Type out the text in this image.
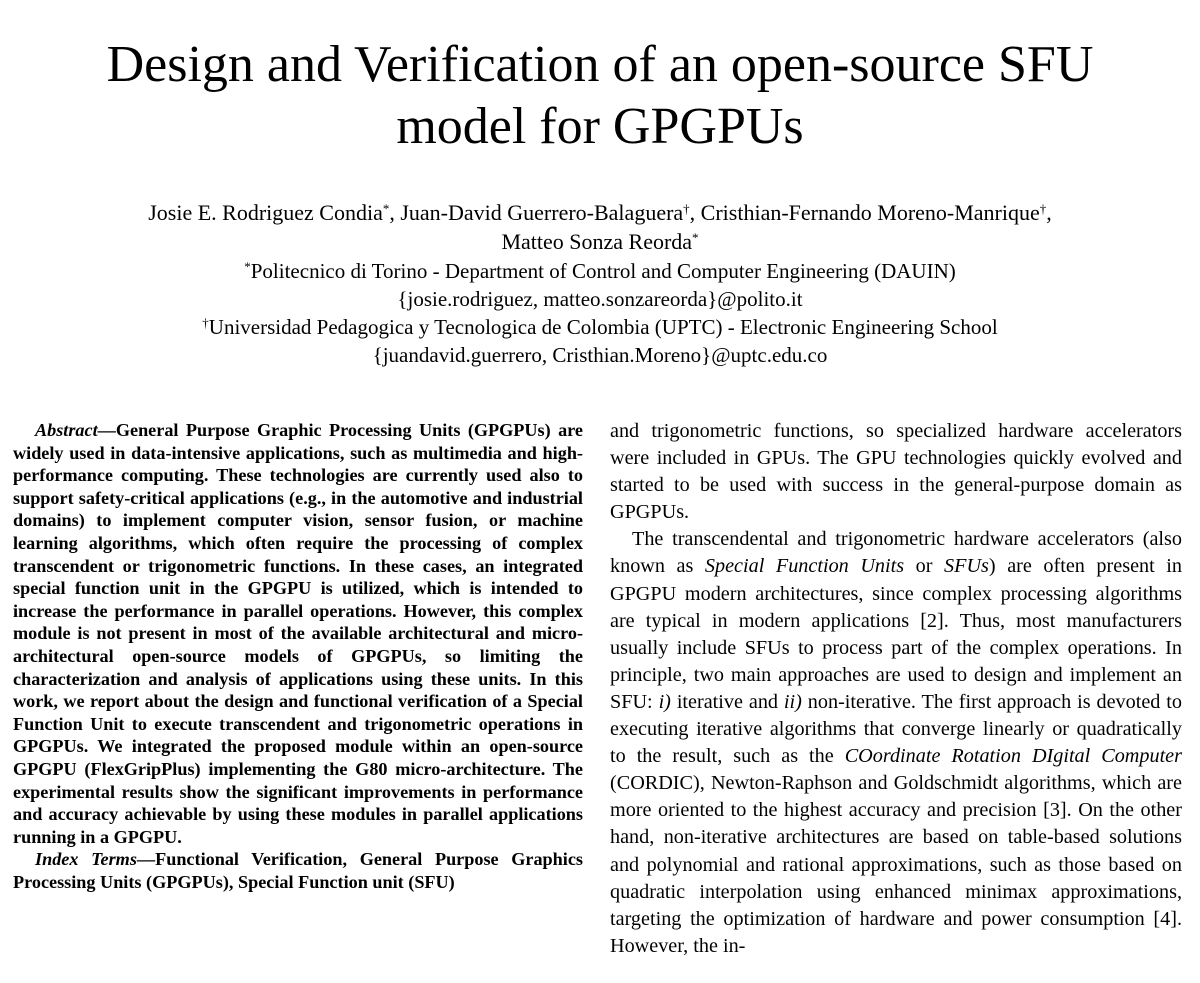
Design and Verification of an open-source SFU
model for GPGPUs
Josie E. Rodriguez Condia*, Juan-David Guerrero-Balaguera†, Cristhian-Fernando Moreno-Manrique†,
Matteo Sonza Reorda*
*Politecnico di Torino - Department of Control and Computer Engineering (DAUIN)
{josie.rodriguez, matteo.sonzareorda}@polito.it
†Universidad Pedagogica y Tecnologica de Colombia (UPTC) - Electronic Engineering School
{juandavid.guerrero, Cristhian.Moreno}@uptc.edu.co

Abstract—General Purpose Graphic Processing Units (GPGPUs) are widely used in data-intensive applications, such as multimedia and high-performance computing. These technologies are currently used also to support safety-critical applications (e.g., in the automotive and industrial domains) to implement computer vision, sensor fusion, or machine learning algorithms, which often require the processing of complex transcendent or trigonometric functions. In these cases, an integrated special function unit in the GPGPU is utilized, which is intended to increase the performance in parallel operations. However, this complex module is not present in most of the available architectural and micro-architectural open-source models of GPGPUs, so limiting the characterization and analysis of applications using these units. In this work, we report about the design and functional verification of a Special Function Unit to execute transcendent and trigonometric operations in GPGPUs. We integrated the proposed module within an open-source GPGPU (FlexGripPlus) implementing the G80 micro-architecture. The experimental results show the significant improvements in performance and accuracy achievable by using these modules in parallel applications running in a GPGPU.

Index Terms—Functional Verification, General Purpose Graphics Processing Units (GPGPUs), Special Function unit (SFU)

and trigonometric functions, so specialized hardware accelerators were included in GPUs. The GPU technologies quickly evolved and started to be used with success in the general-purpose domain as GPGPUs.

The transcendental and trigonometric hardware accelerators (also known as Special Function Units or SFUs) are often present in GPGPU modern architectures, since complex processing algorithms are typical in modern applications [2]. Thus, most manufacturers usually include SFUs to process part of the complex operations. In principle, two main approaches are used to design and implement an SFU: i) iterative and ii) non-iterative. The first approach is devoted to executing iterative algorithms that converge linearly or quadratically to the result, such as the COordinate Rotation DIgital Computer (CORDIC), Newton-Raphson and Goldschmidt algorithms, which are more oriented to the highest accuracy and precision [3]. On the other hand, non-iterative architectures are based on table-based solutions and polynomial and rational approximations, such as those based on quadratic interpolation using enhanced minimax approximations, targeting the optimization of hardware and power consumption [4]. However, the in-
